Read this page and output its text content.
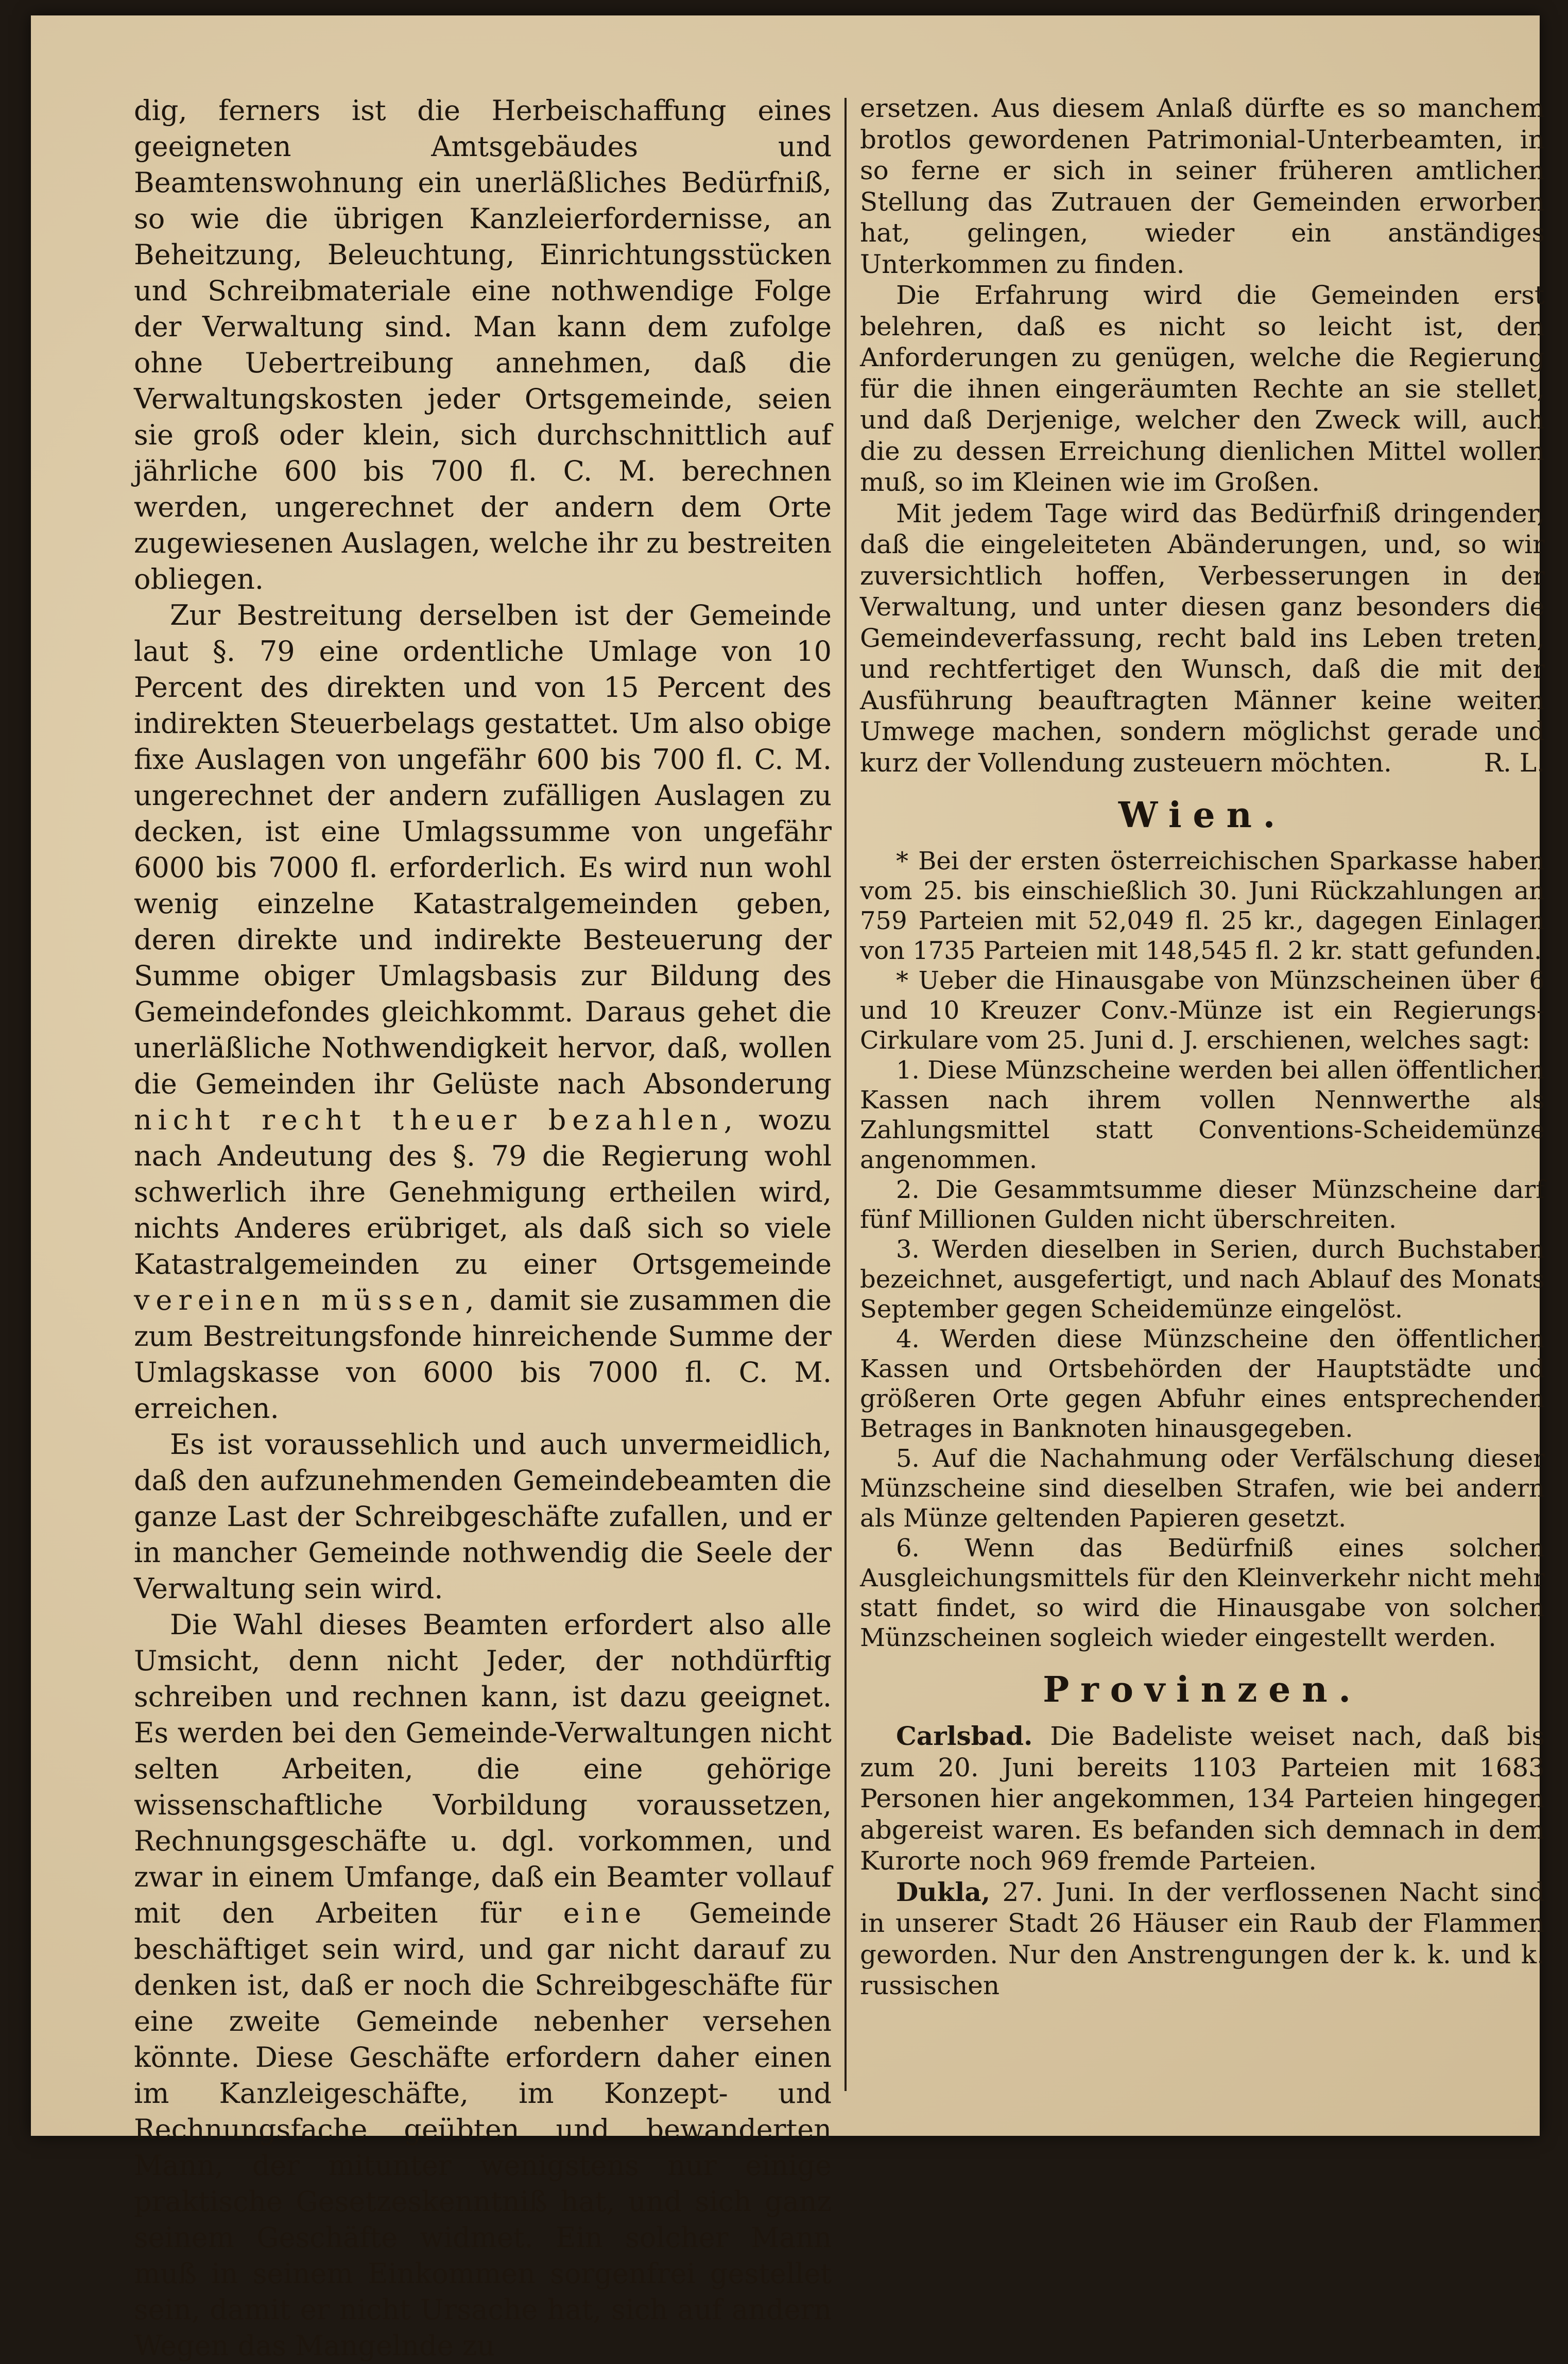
dig, ferners ist die Herbeischaffung eines geeigneten Amtsgebäudes und Beamtenswohnung ein unerläßliches Bedürfniß, so wie die übrigen Kanzleierfordernisse, an Beheitzung, Beleuchtung, Einrichtungsstücken und Schreibmateriale eine nothwendige Folge der Verwaltung sind. Man kann dem zufolge ohne Uebertreibung annehmen, daß die Verwaltungskosten jeder Ortsgemeinde, seien sie groß oder klein, sich durchschnittlich auf jährliche 600 bis 700 fl. C. M. berechnen werden, ungerechnet der andern dem Orte zugewiesenen Auslagen, welche ihr zu bestreiten obliegen.

Zur Bestreitung derselben ist der Gemeinde laut §. 79 eine ordentliche Umlage von 10 Percent des direkten und von 15 Percent des indirekten Steuerbelags gestattet. Um also obige fixe Auslagen von ungefähr 600 bis 700 fl. C. M. ungerechnet der andern zufälligen Auslagen zu decken, ist eine Umlagssumme von ungefähr 6000 bis 7000 fl. erforderlich. Es wird nun wohl wenig einzelne Katastralgemeinden geben, deren direkte und indirekte Besteuerung der Summe obiger Umlagsbasis zur Bildung des Gemeindefondes gleichkommt. Daraus gehet die unerläßliche Nothwendigkeit hervor, daß, wollen die Gemeinden ihr Gelüste nach Absonderung nicht recht theuer bezahlen, wozu nach Andeutung des §. 79 die Regierung wohl schwerlich ihre Genehmigung ertheilen wird, nichts Anderes erübriget, als daß sich so viele Katastralgemeinden zu einer Ortsgemeinde vereinen müssen, damit sie zusammen die zum Bestreitungsfonde hinreichende Summe der Umlagskasse von 6000 bis 7000 fl. C. M. erreichen.

Es ist voraussehlich und auch unvermeidlich, daß den aufzunehmenden Gemeindebeamten die ganze Last der Schreibgeschäfte zufallen, und er in mancher Gemeinde nothwendig die Seele der Verwaltung sein wird.

Die Wahl dieses Beamten erfordert also alle Umsicht, denn nicht Jeder, der nothdürftig schreiben und rechnen kann, ist dazu geeignet. Es werden bei den Gemeinde-Verwaltungen nicht selten Arbeiten, die eine gehörige wissenschaftliche Vorbildung voraussetzen, Rechnungsgeschäfte u. dgl. vorkommen, und zwar in einem Umfange, daß ein Beamter vollauf mit den Arbeiten für eine Gemeinde beschäftiget sein wird, und gar nicht darauf zu denken ist, daß er noch die Schreibgeschäfte für eine zweite Gemeinde nebenher versehen könnte. Diese Geschäfte erfordern daher einen im Kanzleigeschäfte, im Konzept- und Rechnungsfache geübten und bewanderten Mann, der mitunter wenigstens nur einige praktische Gesetzeskenntniß hat, und sich ganz seinem Geschäfte widmet. Ein solcher Mann muß in seinem Einkommen sorgenfrei gestellet sein, damit er nicht Ursache hat, sich auf andern Wegen das Mangelnde zu

ersetzen. Aus diesem Anlaß dürfte es so manchem brotlos gewordenen Patrimonial-Unterbeamten, in so ferne er sich in seiner früheren amtlichen Stellung das Zutrauen der Gemeinden erworben hat, gelingen, wieder ein anständiges Unterkommen zu finden.

Die Erfahrung wird die Gemeinden erst belehren, daß es nicht so leicht ist, den Anforderungen zu genügen, welche die Regierung für die ihnen eingeräumten Rechte an sie stellet, und daß Derjenige, welcher den Zweck will, auch die zu dessen Erreichung dienlichen Mittel wollen muß, so im Kleinen wie im Großen.

Mit jedem Tage wird das Bedürfniß dringender, daß die eingeleiteten Abänderungen, und, so wir zuversichtlich hoffen, Verbesserungen in der Verwaltung, und unter diesen ganz besonders die Gemeindeverfassung, recht bald ins Leben treten, und rechtfertiget den Wunsch, daß die mit der Ausführung beauftragten Männer keine weiten Umwege machen, sondern möglichst gerade und kurz der Vollendung zusteuern möchten.	R. L.

Wien.

* Bei der ersten österreichischen Sparkasse haben vom 25. bis einschießlich 30. Juni Rückzahlungen an 759 Parteien mit 52,049 fl. 25 kr., dagegen Einlagen von 1735 Parteien mit 148,545 fl. 2 kr. statt gefunden.

* Ueber die Hinausgabe von Münzscheinen über 6 und 10 Kreuzer Conv.-Münze ist ein Regierungs-Cirkulare vom 25. Juni d. J. erschienen, welches sagt:

1. Diese Münzscheine werden bei allen öffentlichen Kassen nach ihrem vollen Nennwerthe als Zahlungsmittel statt Conventions-Scheidemünze angenommen.

2. Die Gesammtsumme dieser Münzscheine darf fünf Millionen Gulden nicht überschreiten.

3. Werden dieselben in Serien, durch Buchstaben bezeichnet, ausgefertigt, und nach Ablauf des Monats September gegen Scheidemünze eingelöst.

4. Werden diese Münzscheine den öffentlichen Kassen und Ortsbehörden der Hauptstädte und größeren Orte gegen Abfuhr eines entsprechenden Betrages in Banknoten hinausgegeben.

5. Auf die Nachahmung oder Verfälschung dieser Münzscheine sind dieselben Strafen, wie bei andern als Münze geltenden Papieren gesetzt.

6. Wenn das Bedürfniß eines solchen Ausgleichungsmittels für den Kleinverkehr nicht mehr statt findet, so wird die Hinausgabe von solchen Münzscheinen sogleich wieder eingestellt werden.

Provinzen.

Carlsbad. Die Badeliste weiset nach, daß bis zum 20. Juni bereits 1103 Parteien mit 1683 Personen hier angekommen, 134 Parteien hingegen abgereist waren. Es befanden sich demnach in dem Kurorte noch 969 fremde Parteien.

Dukla, 27. Juni. In der verflossenen Nacht sind in unserer Stadt 26 Häuser ein Raub der Flammen geworden. Nur den Anstrengungen der k. k. und k. russischen
